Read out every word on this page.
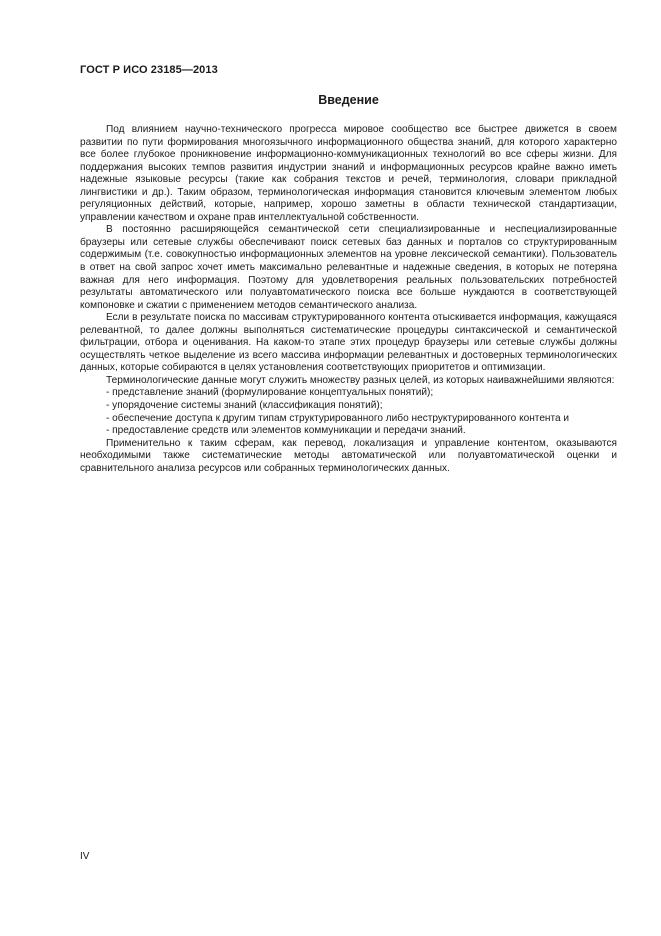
ГОСТ Р ИСО 23185—2013
Введение

Под влиянием научно-технического прогресса мировое сообщество все быстрее движется в своем развитии по пути формирования многоязычного информационного общества знаний, для которого характерно все более глубокое проникновение информационно-коммуникационных технологий во все сферы жизни. Для поддержания высоких темпов развития индустрии знаний и информационных ресурсов крайне важно иметь надежные языковые ресурсы (такие как собрания текстов и речей, терминология, словари прикладной лингвистики и др.). Таким образом, терминологическая информация становится ключевым элементом любых регуляционных действий, которые, например, хорошо заметны в области технической стандартизации, управлении качеством и охране прав интеллектуальной собственности.

В постоянно расширяющейся семантической сети специализированные и неспециализированные браузеры или сетевые службы обеспечивают поиск сетевых баз данных и порталов со структурированным содержимым (т.е. совокупностью информационных элементов на уровне лексической семантики). Пользователь в ответ на свой запрос хочет иметь максимально релевантные и надежные сведения, в которых не потеряна важная для него информация. Поэтому для удовлетворения реальных пользовательских потребностей результаты автоматического или полуавтоматического поиска все больше нуждаются в соответствующей компоновке и сжатии с применением методов семантического анализа.

Если в результате поиска по массивам структурированного контента отыскивается информация, кажущаяся релевантной, то далее должны выполняться систематические процедуры синтаксической и семантической фильтрации, отбора и оценивания. На каком-то этапе этих процедур браузеры или сетевые службы должны осуществлять четкое выделение из всего массива информации релевантных и достоверных терминологических данных, которые собираются в целях установления соответствующих приоритетов и оптимизации.

Терминологические данные могут служить множеству разных целей, из которых наиважнейшими являются:

- представление знаний (формулирование концептуальных понятий);
- упорядочение системы знаний (классификация понятий);
- обеспечение доступа к другим типам структурированного либо неструктурированного контента и
- предоставление средств или элементов коммуникации и передачи знаний.

Применительно к таким сферам, как перевод, локализация и управление контентом, оказываются необходимыми также систематические методы автоматической или полуавтоматической оценки и сравнительного анализа ресурсов или собранных терминологических данных.

IV
